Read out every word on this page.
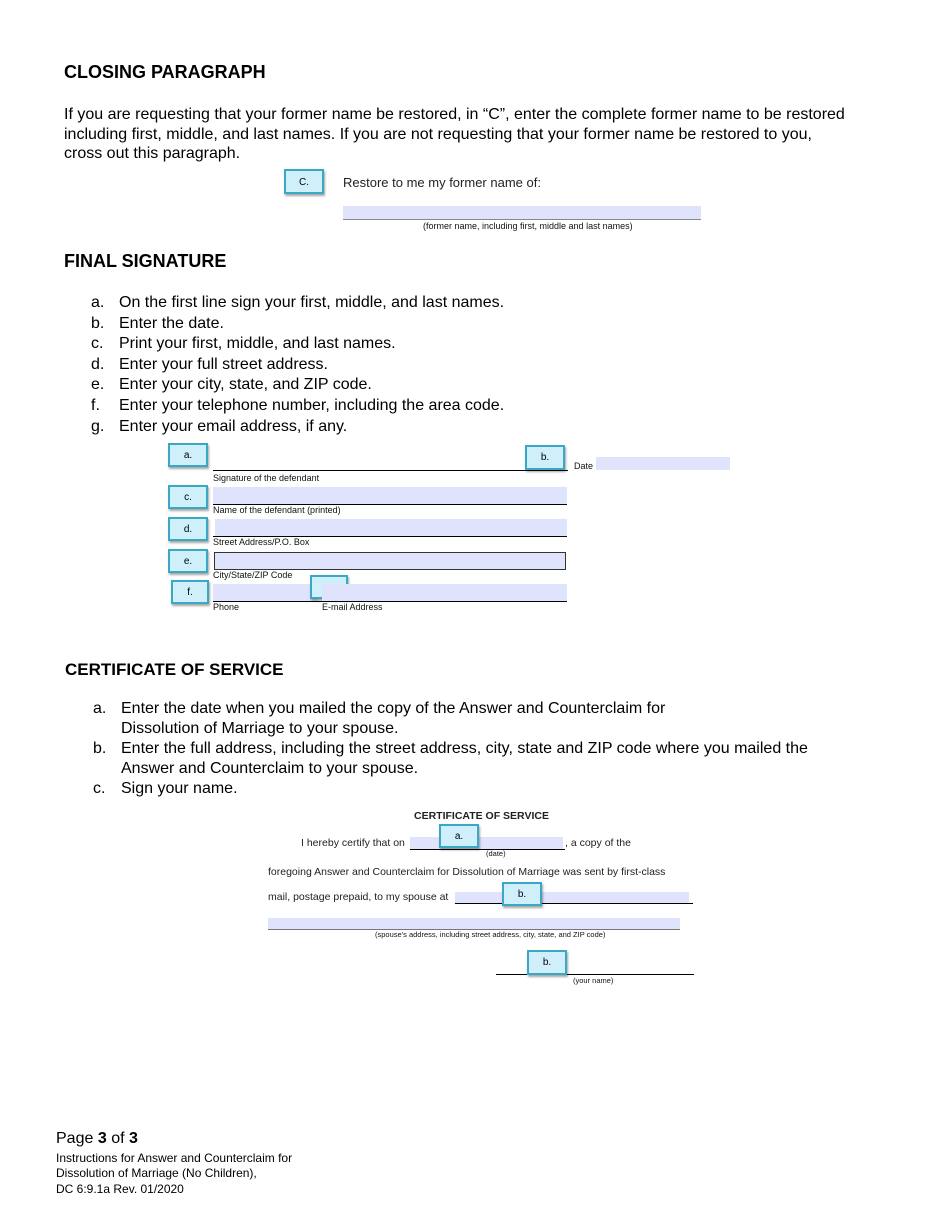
CLOSING PARAGRAPH
If you are requesting that your former name be restored, in “C”, enter the complete former name to be restored including first, middle, and last names. If you are not requesting that your former name be restored to you, cross out this paragraph.
C.	Restore to me my former name of:
(former name, including first, middle and last names)
FINAL SIGNATURE
a. On the first line sign your first, middle, and last names.
b. Enter the date.
c. Print your first, middle, and last names.
d. Enter your full street address.
e. Enter your city, state, and ZIP code.
f. Enter your telephone number, including the area code.
g. Enter your email address, if any.
a.	b.
Date
Signature of the defendant
c.
Name of the defendant (printed)
d.
Street Address/P.O. Box
e.
City/State/ZIP Code
f.
Phone	E-mail Address
CERTIFICATE OF SERVICE
a. Enter the date when you mailed the copy of the Answer and Counterclaim for Dissolution of Marriage to your spouse.
b. Enter the full address, including the street address, city, state and ZIP code where you mailed the Answer and Counterclaim to your spouse.
c. Sign your name.
CERTIFICATE OF SERVICE
I hereby certify that on
a.
, a copy of the
(date)
foregoing Answer and Counterclaim for Dissolution of Marriage was sent by first-class
mail, postage prepaid, to my spouse at	b.
(spouse's address, including street address, city, state, and ZIP code)
b.
(your name)
Page 3 of 3
Instructions for Answer and Counterclaim for
Dissolution of Marriage (No Children),
DC 6:9.1a Rev. 01/2020
